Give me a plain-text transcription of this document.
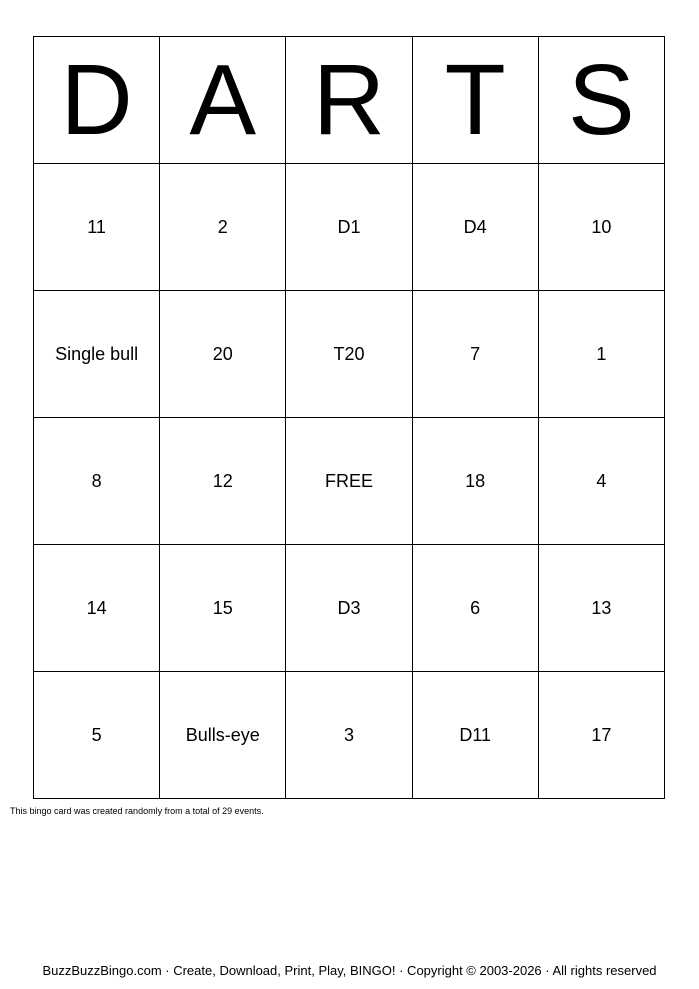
D	A	R	T	S
11	2	D1	D4	10
Single bull	20	T20	7	1
8	12	FREE	18	4
14	15	D3	6	13
5	Bulls-eye	3	D11	17
This bingo card was created randomly from a total of 29 events.
BuzzBuzzBingo.com · Create, Download, Print, Play, BINGO! · Copyright © 2003-2026 · All rights reserved
